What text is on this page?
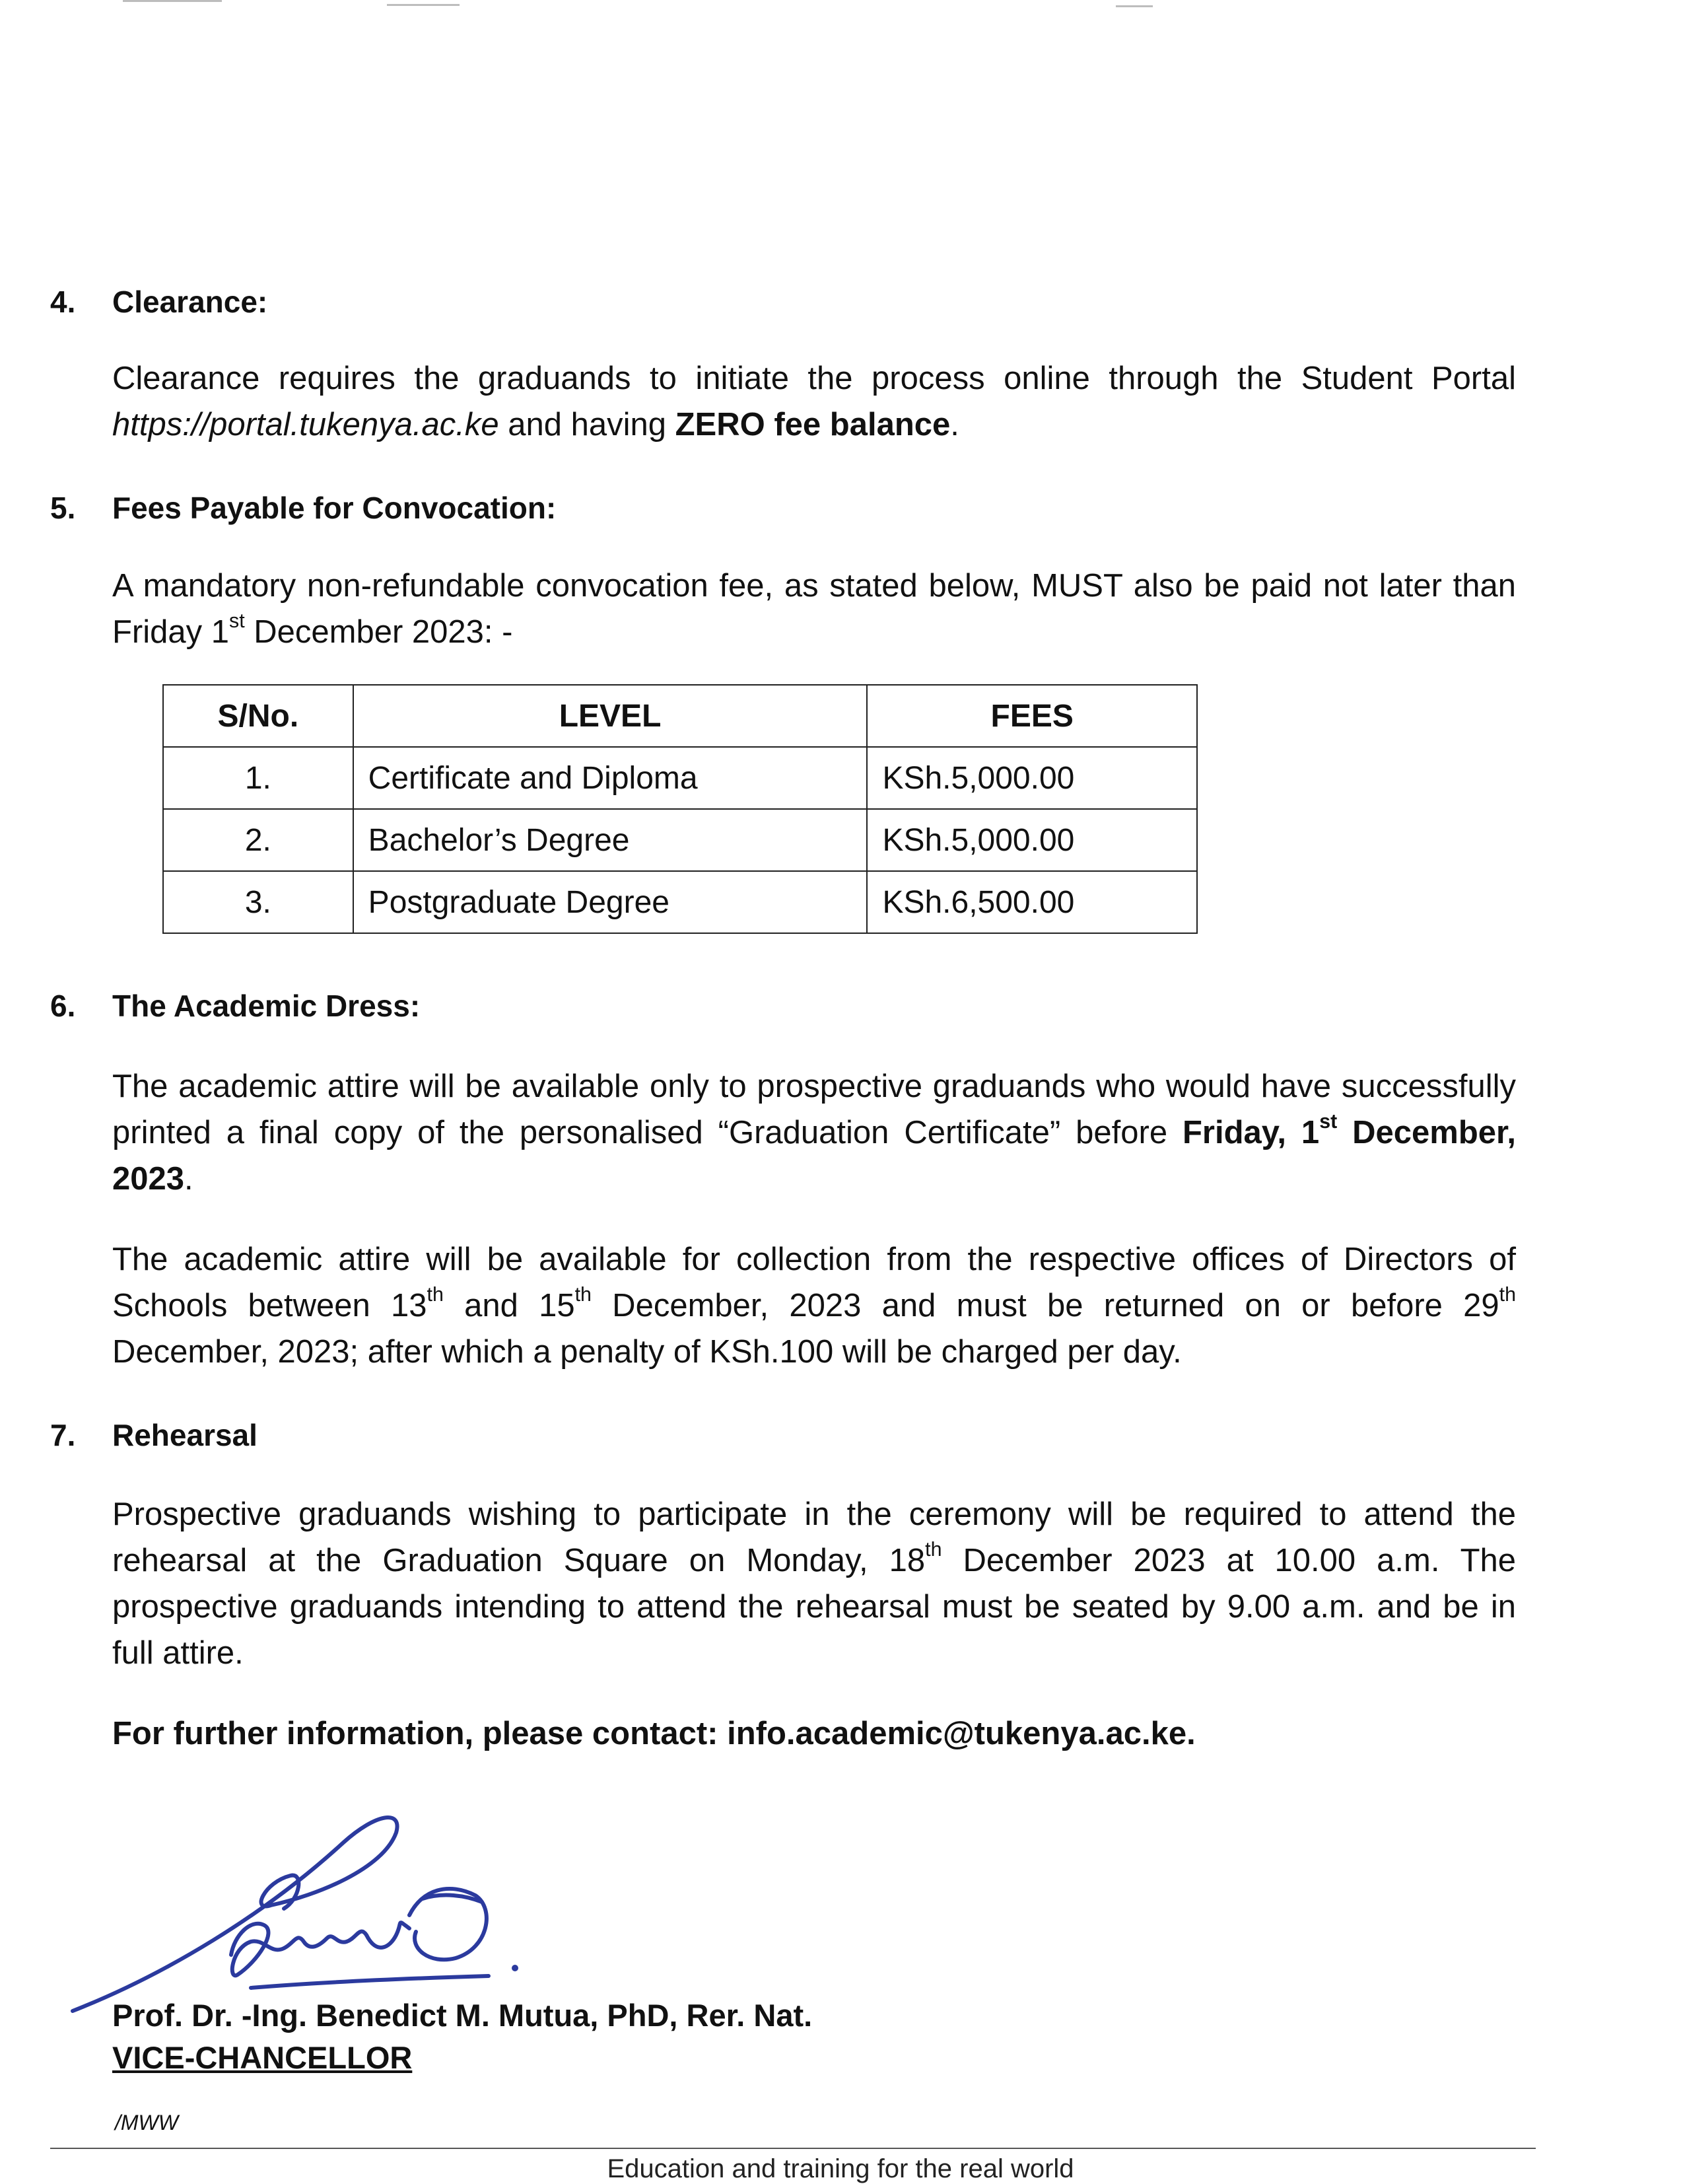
4. Clearance:
Clearance requires the graduands to initiate the process online through the Student Portal https://portal.tukenya.ac.ke and having ZERO fee balance.
5. Fees Payable for Convocation:
A mandatory non-refundable convocation fee, as stated below, MUST also be paid not later than Friday 1st December 2023: -
S/No.	LEVEL	FEES
1.	Certificate and Diploma	KSh.5,000.00
2.	Bachelor’s Degree	KSh.5,000.00
3.	Postgraduate Degree	KSh.6,500.00
6. The Academic Dress:
The academic attire will be available only to prospective graduands who would have successfully printed a final copy of the personalised “Graduation Certificate” before Friday, 1st December, 2023.
The academic attire will be available for collection from the respective offices of Directors of Schools between 13th and 15th December, 2023 and must be returned on or before 29th December, 2023; after which a penalty of KSh.100 will be charged per day.
7. Rehearsal
Prospective graduands wishing to participate in the ceremony will be required to attend the rehearsal at the Graduation Square on Monday, 18th December 2023 at 10.00 a.m. The prospective graduands intending to attend the rehearsal must be seated by 9.00 a.m. and be in full attire.
For further information, please contact: info.academic@tukenya.ac.ke.
Prof. Dr. -Ing. Benedict M. Mutua, PhD, Rer. Nat.
VICE-CHANCELLOR
/MWW
Education and training for the real world
